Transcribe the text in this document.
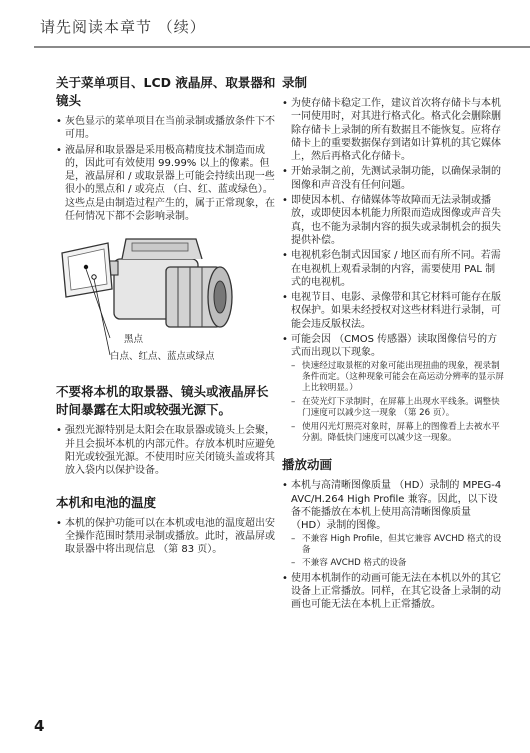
请先阅读本章节 （续）
关于菜单项目、LCD 液晶屏、取景器和镜头
• 灰色显示的菜单项目在当前录制或播放条件下不可用。
• 液晶屏和取景器是采用极高精度技术制造而成的，因此可有效使用 99.99% 以上的像素。但是，液晶屏和 / 或取景器上可能会持续出现一些很小的黑点和 / 或亮点 （白、红、蓝或绿色）。这些点是由制造过程产生的，属于正常现象，在任何情况下都不会影响录制。
黑点
白点、红点、蓝点或绿点
不要将本机的取景器、镜头或液晶屏长时间暴露在太阳或较强光源下。
• 强烈光源特别是太阳会在取景器或镜头上会聚，并且会损坏本机的内部元件。存放本机时应避免阳光或较强光源。不使用时应关闭镜头盖或将其放入袋内以保护设备。
本机和电池的温度
• 本机的保护功能可以在本机或电池的温度超出安全操作范围时禁用录制或播放。此时，液晶屏或取景器中将出现信息 （第 83 页）。
录制
• 为使存储卡稳定工作，建议首次将存储卡与本机一同使用时，对其进行格式化。格式化会删除删除存储卡上录制的所有数据且不能恢复。应将存储卡上的重要数据保存到诸如计算机的其它媒体上，然后再格式化存储卡。
• 开始录制之前，先测试录制功能，以确保录制的图像和声音没有任何问题。
• 即使因本机、存储媒体等故障而无法录制或播放，或即使因本机能力所限而造成图像或声音失真，也不能为录制内容的损失或录制机会的损失提供补偿。
• 电视机彩色制式因国家 / 地区而有所不同。若需在电视机上观看录制的内容，需要使用 PAL 制式的电视机。
• 电视节目、电影、录像带和其它材料可能存在版权保护。如果未经授权对这些材料进行录制，可能会违反版权法。
• 可能会因 （CMOS 传感器）读取图像信号的方式而出现以下现象。
– 快速经过取景框的对象可能出现扭曲的现象，视录制条件而定。（这种现象可能会在高运动分辨率的显示屏上比较明显。）
– 在荧光灯下录制时，在屏幕上出现水平线条。调整快门速度可以减少这一现象 （第 26 页）。
– 使用闪光灯照亮对象时，屏幕上的图像看上去被水平分割。降低快门速度可以减少这一现象。
播放动画
• 本机与高清晰图像质量 （HD）录制的 MPEG-4 AVC/H.264 High Profile 兼容。因此，以下设备不能播放在本机上使用高清晰图像质量 （HD）录制的图像。
– 不兼容 High Profile，但其它兼容 AVCHD 格式的设备
– 不兼容 AVCHD 格式的设备
• 使用本机制作的动画可能无法在本机以外的其它设备上正常播放。同样，在其它设备上录制的动画也可能无法在本机上正常播放。
4
